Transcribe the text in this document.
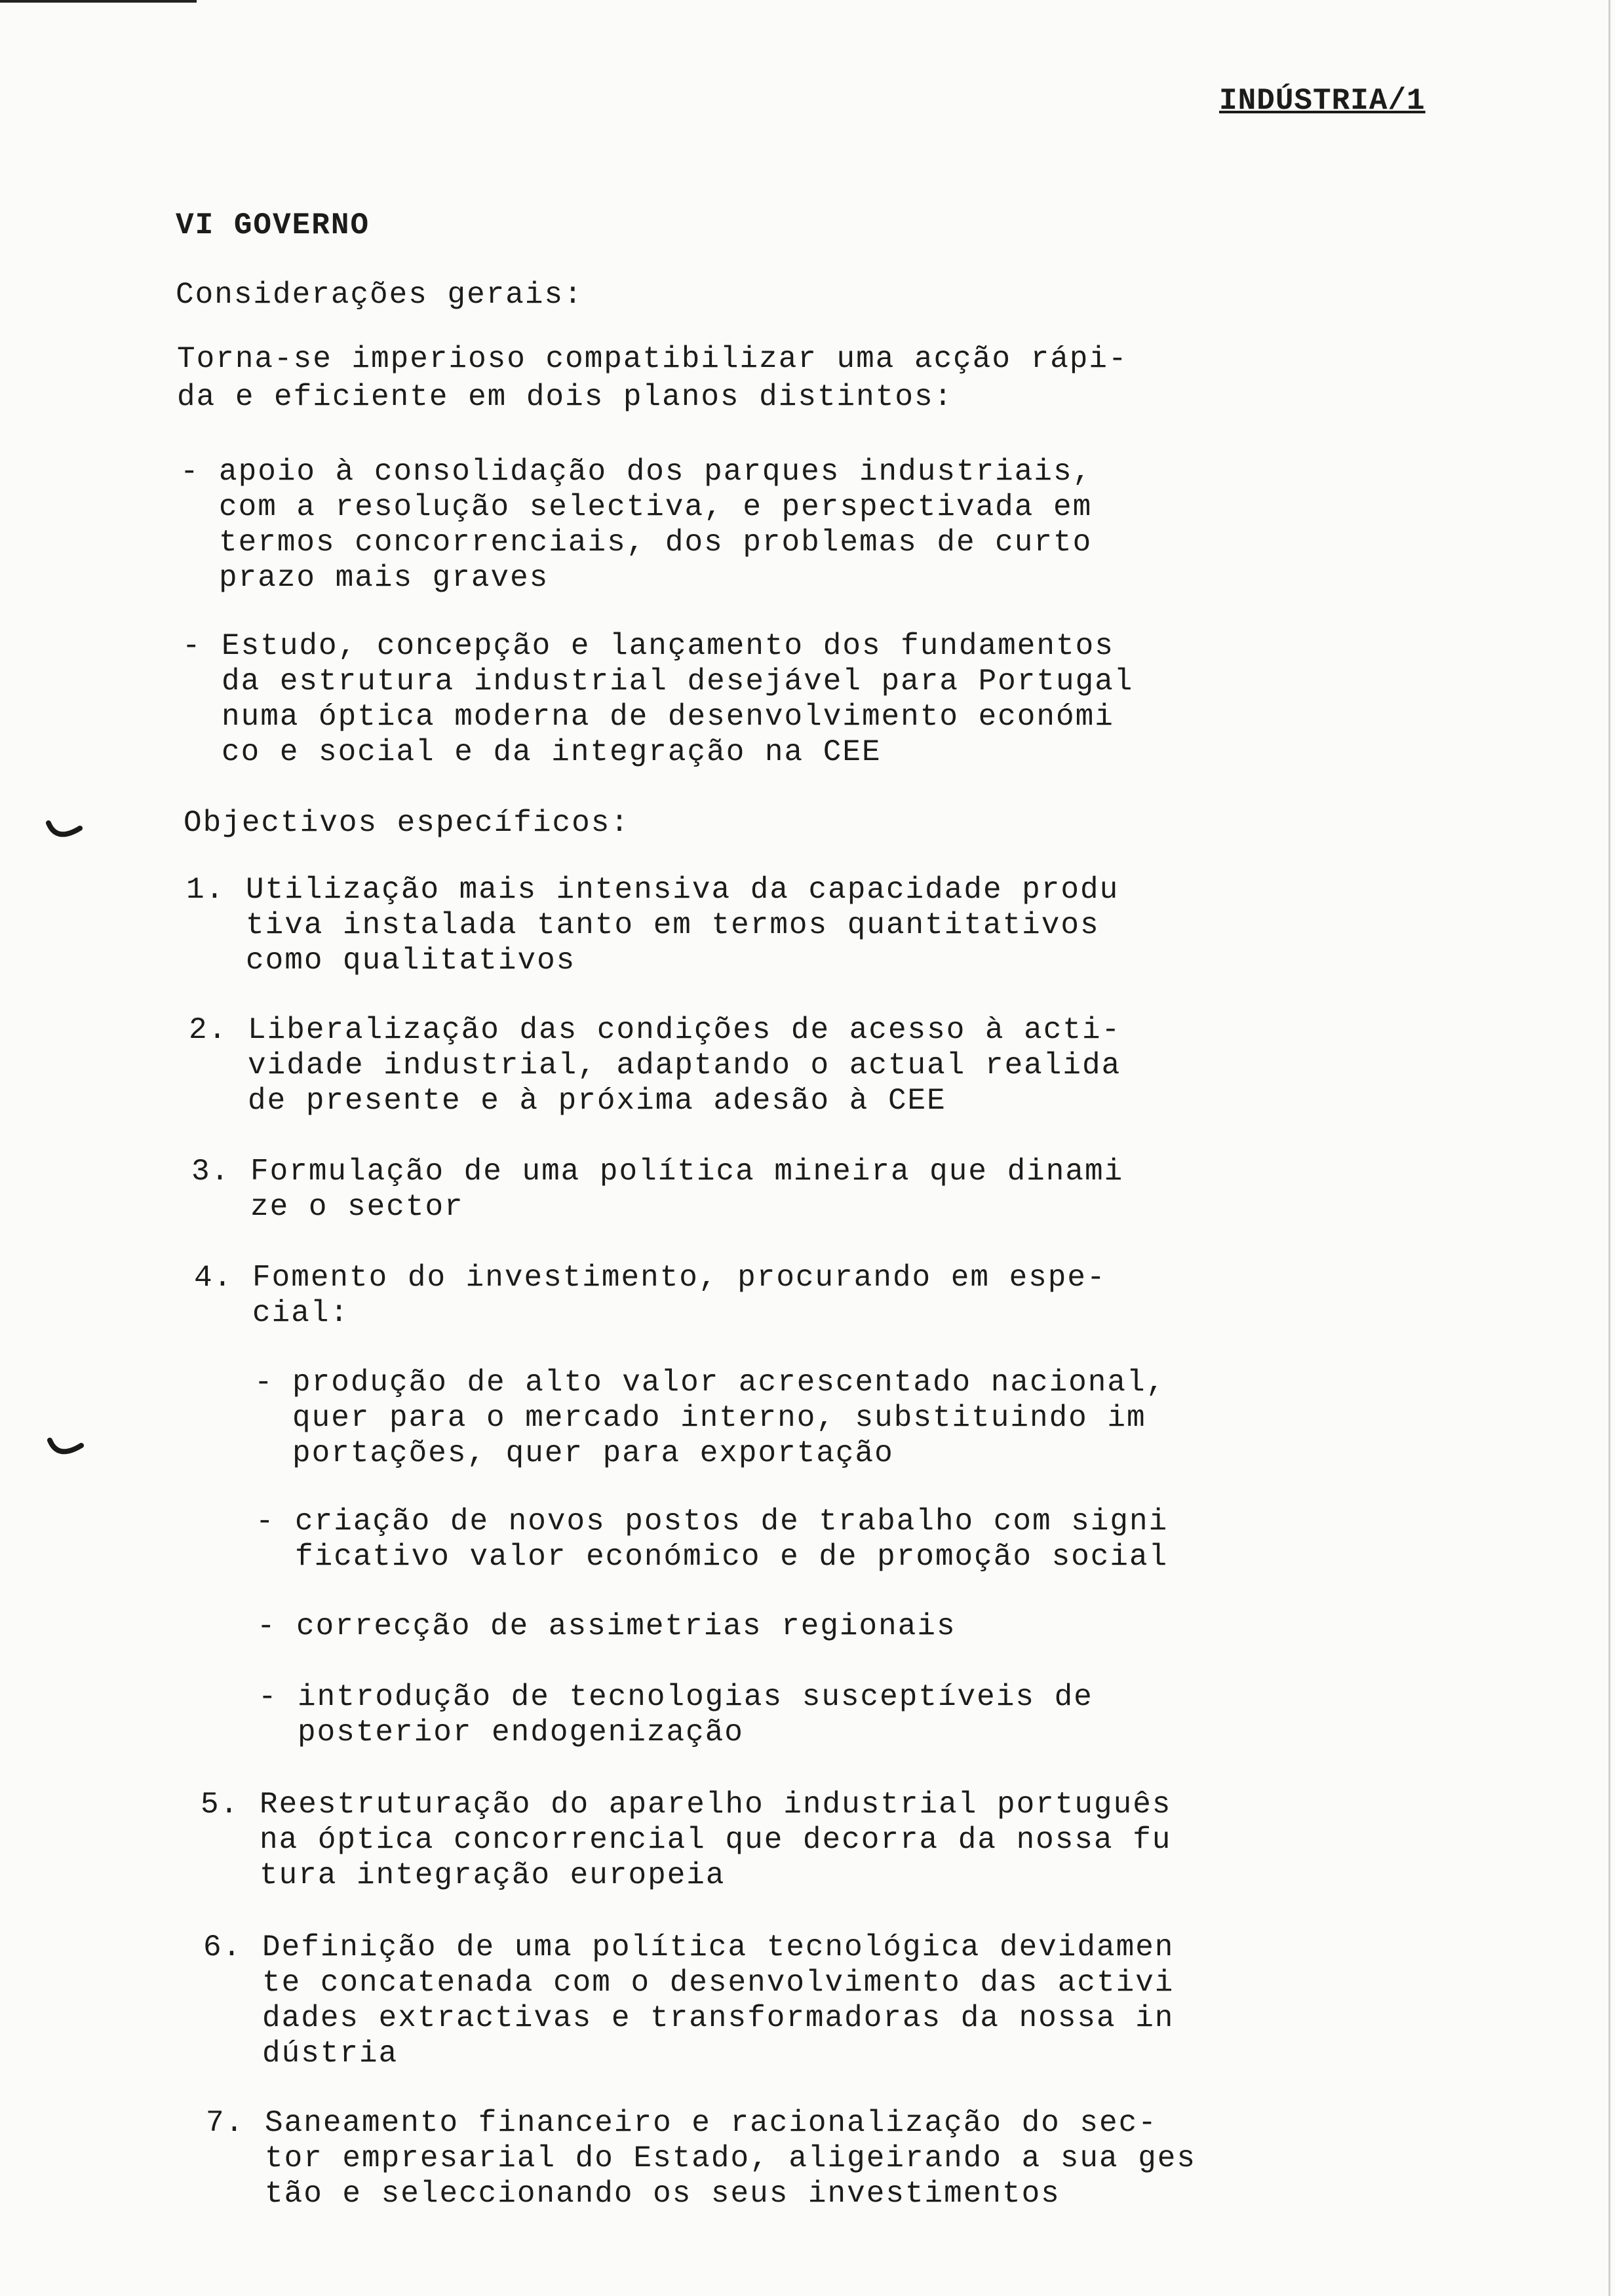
INDÚSTRIA/1
VI GOVERNO
Considerações gerais:
Torna-se imperioso compatibilizar uma acção rápi-
da e eficiente em dois planos distintos:
- apoio à consolidação dos parques industriais,
com a resolução selectiva, e perspectivada em
termos concorrenciais, dos problemas de curto
prazo mais graves
- Estudo, concepção e lançamento dos fundamentos
da estrutura industrial desejável para Portugal
numa óptica moderna de desenvolvimento económi
co e social e da integração na CEE
Objectivos específicos:
1. Utilização mais intensiva da capacidade produ
tiva instalada tanto em termos quantitativos
como qualitativos
2. Liberalização das condições de acesso à acti-
vidade industrial, adaptando o actual realida
de presente e à próxima adesão à CEE
3. Formulação de uma política mineira que dinami
ze o sector
4. Fomento do investimento, procurando em espe-
cial:
- produção de alto valor acrescentado nacional,
quer para o mercado interno, substituindo im
portações, quer para exportação
- criação de novos postos de trabalho com signi
ficativo valor económico e de promoção social
- correcção de assimetrias regionais
- introdução de tecnologias susceptíveis de
posterior endogenização
5. Reestruturação do aparelho industrial português
na óptica concorrencial que decorra da nossa fu
tura integração europeia
6. Definição de uma política tecnológica devidamen
te concatenada com o desenvolvimento das activi
dades extractivas e transformadoras da nossa in
dústria
7. Saneamento financeiro e racionalização do sec-
tor empresarial do Estado, aligeirando a sua ges
tão e seleccionando os seus investimentos
